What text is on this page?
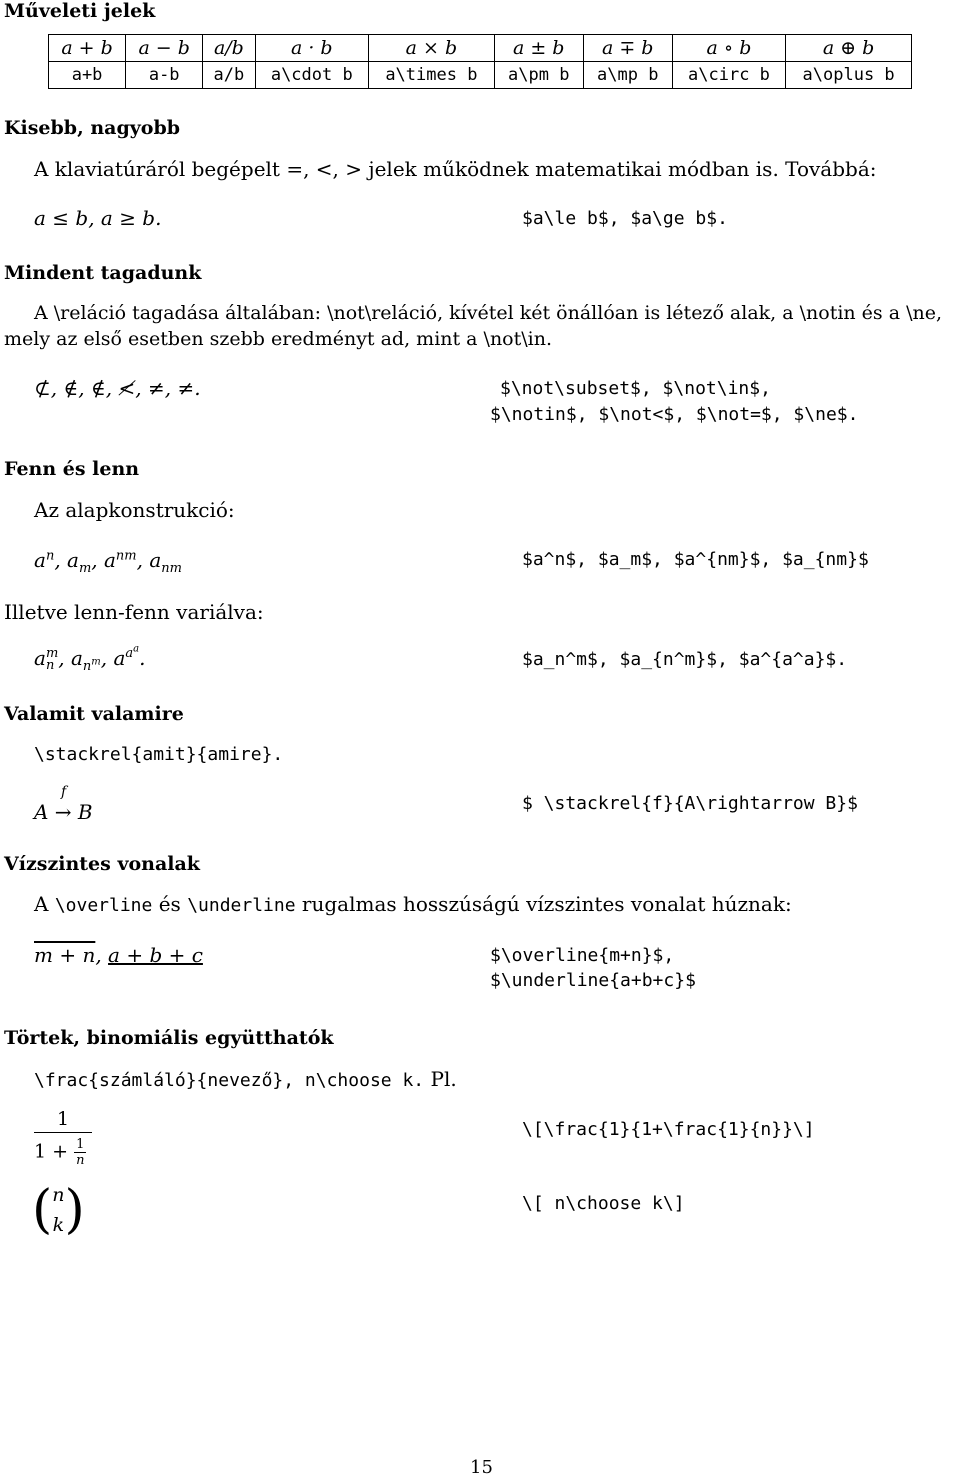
Műveleti jelek
a + b	a − b	a/b	a · b	a × b	a ± b	a ∓ b	a ∘ b	a ⊕ b
a+b	a-b	a/b	a\cdot b	a\times b	a\pm b	a\mp b	a\circ b	a\oplus b
Kisebb, nagyobb
A klaviatúráról begépelt =, <, > jelek működnek matematikai módban is. Továbbá:
a ≤ b, a ≥ b.	$a\le b$, $a\ge b$.
Mindent tagadunk
A \reláció tagadása általában: \not\reláció, kívétel két önállóan is létező alak, a \notin és a \ne,
mely az első esetben szebb eredményt ad, mint a \not\in.
⊄, ∉, ∉, ≮, ≠, ≠.	$\not\subset$, $\not\in$,
$\notin$, $\not<$, $\not=$, $\ne$.
Fenn és lenn
Az alapkonstrukció:
$a^n$, $a_m$, $a^{nm}$, $a_{nm}$	$a^n$, $a_m$, $a^{nm}$, $a_{nm}$
Illetve lenn-fenn variálva:
a m
n , $a_{n^m}$, $a^{a^a}$.	$a_n^m$, $a_{n^m}$, $a^{a^a}$.
Valamit valamire
\stackrel{amit}{amire}.
f
A → B	$ \stackrel{f}{A\rightarrow B}$
Vízszintes vonalak
A \overline és \underline rugalmas hosszúságú vízszintes vonalat húznak:
m + n, a + b + c	$\overline{m+n}$,
$\underline{a+b+c}$
Törtek, binomiális együtthatók
\frac{számláló}{nevező}, n\choose k. Pl.
1
$1 + \frac{1}{n}$
\[\frac{1}{1+\frac{1}{n}}\]
( n
k )	\[ n\choose k\]
15
